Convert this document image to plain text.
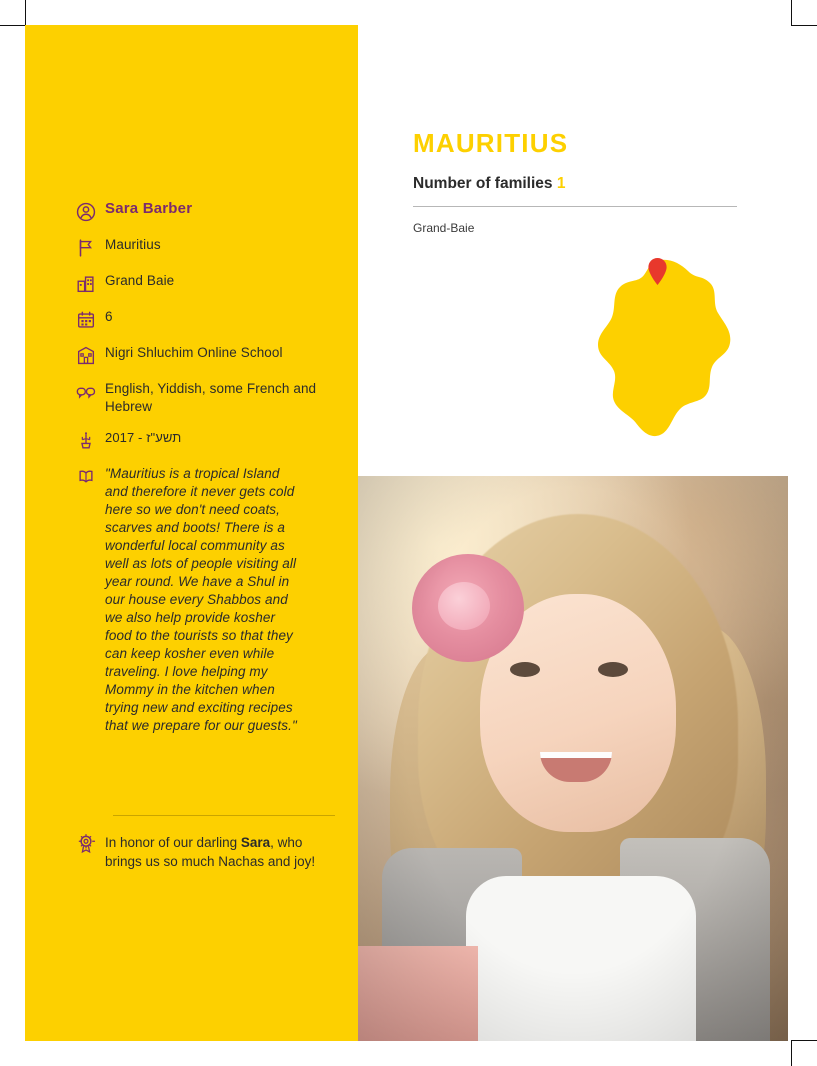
Sara Barber
Mauritius
Grand Baie
6
Nigri Shluchim Online School
English, Yiddish, some French and Hebrew
2017 - תשע"ז
"Mauritius is a tropical Island and therefore it never gets cold here so we don't need coats, scarves and boots! There is a wonderful local community as well as lots of people visiting all year round. We have a Shul in our house every Shabbos and we also help provide kosher food to the tourists so that they can keep kosher even while traveling. I love helping my Mommy in the kitchen when trying new and exciting recipes that we prepare for our guests."
In honor of our darling Sara, who brings us so much Nachas and joy!
MAURITIUS
Number of families 1
Grand-Baie
